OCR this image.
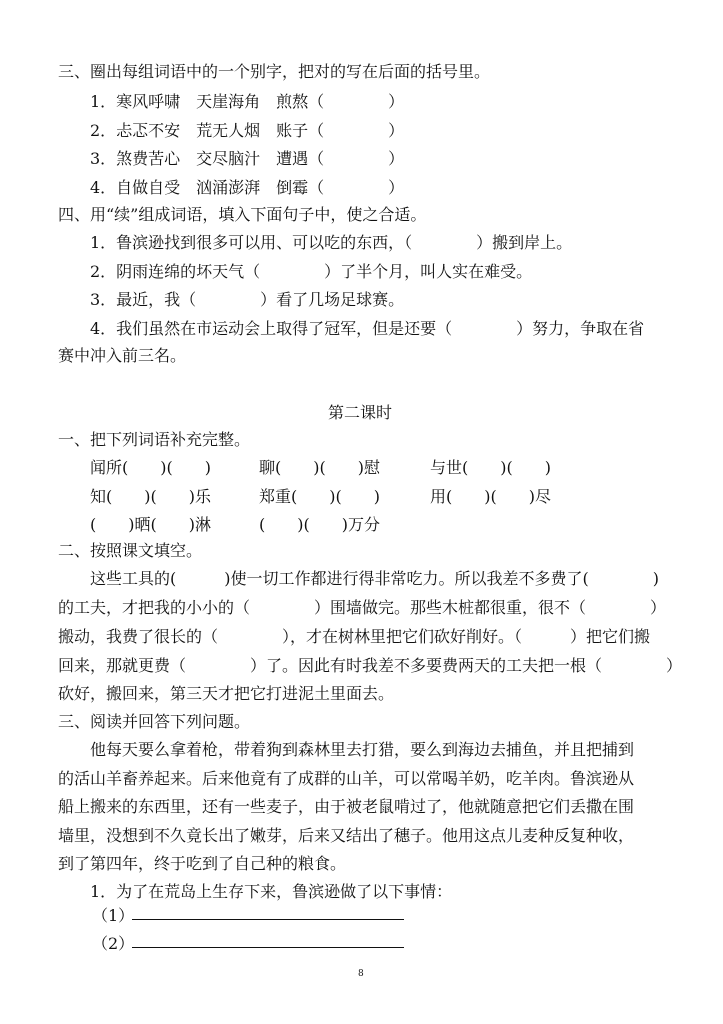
三、圈出每组词语中的一个别字，把对的写在后面的括号里。
1．寒风呼啸　天崖海角　煎熬（　　　　）
2．忐忑不安　荒无人烟　账子（　　　　）
3．煞费苦心　交尽脑汁　遭遇（　　　　）
4．自做自受　汹涌澎湃　倒霉（　　　　）
四、用“续”组成词语，填入下面句子中，使之合适。
1．鲁滨逊找到很多可以用、可以吃的东西，（　　　　）搬到岸上。
2．阴雨连绵的坏天气（　　　　）了半个月，叫人实在难受。
3．最近，我（　　　　）看了几场足球赛。
4．我们虽然在市运动会上取得了冠军，但是还要（　　　　）努力，争取在省
赛中冲入前三名。
第二课时
一、把下列词语补充完整。
闻所(　　)(　　)	聊(　　)(　　)慰	与世(　　)(　　)
知(　　)(　　)乐	郑重(　　)(　　)	用(　　)(　　)尽
(　　)晒(　　)淋	(　　)(　　)万分
二、按照课文填空。
这些工具的(　　　)使一切工作都进行得非常吃力。所以我差不多费了(　　　　)
的工夫，才把我的小小的（　　　　）围墙做完。那些木桩都很重，很不（　　　　）
搬动，我费了很长的（　　　　），才在树林里把它们砍好削好。（　　　）把它们搬
回来，那就更费（　　　　）了。因此有时我差不多要费两天的工夫把一根（　　　　）
砍好，搬回来，第三天才把它打进泥土里面去。
三、阅读并回答下列问题。
他每天要么拿着枪，带着狗到森林里去打猎，要么到海边去捕鱼，并且把捕到
的活山羊畜养起来。后来他竟有了成群的山羊，可以常喝羊奶，吃羊肉。鲁滨逊从
船上搬来的东西里，还有一些麦子，由于被老鼠啃过了，他就随意把它们丢撒在围
墙里，没想到不久竟长出了嫩芽，后来又结出了穗子。他用这点儿麦种反复种收，
到了第四年，终于吃到了自己种的粮食。
1．为了在荒岛上生存下来，鲁滨逊做了以下事情：
（1）
（2）
8
